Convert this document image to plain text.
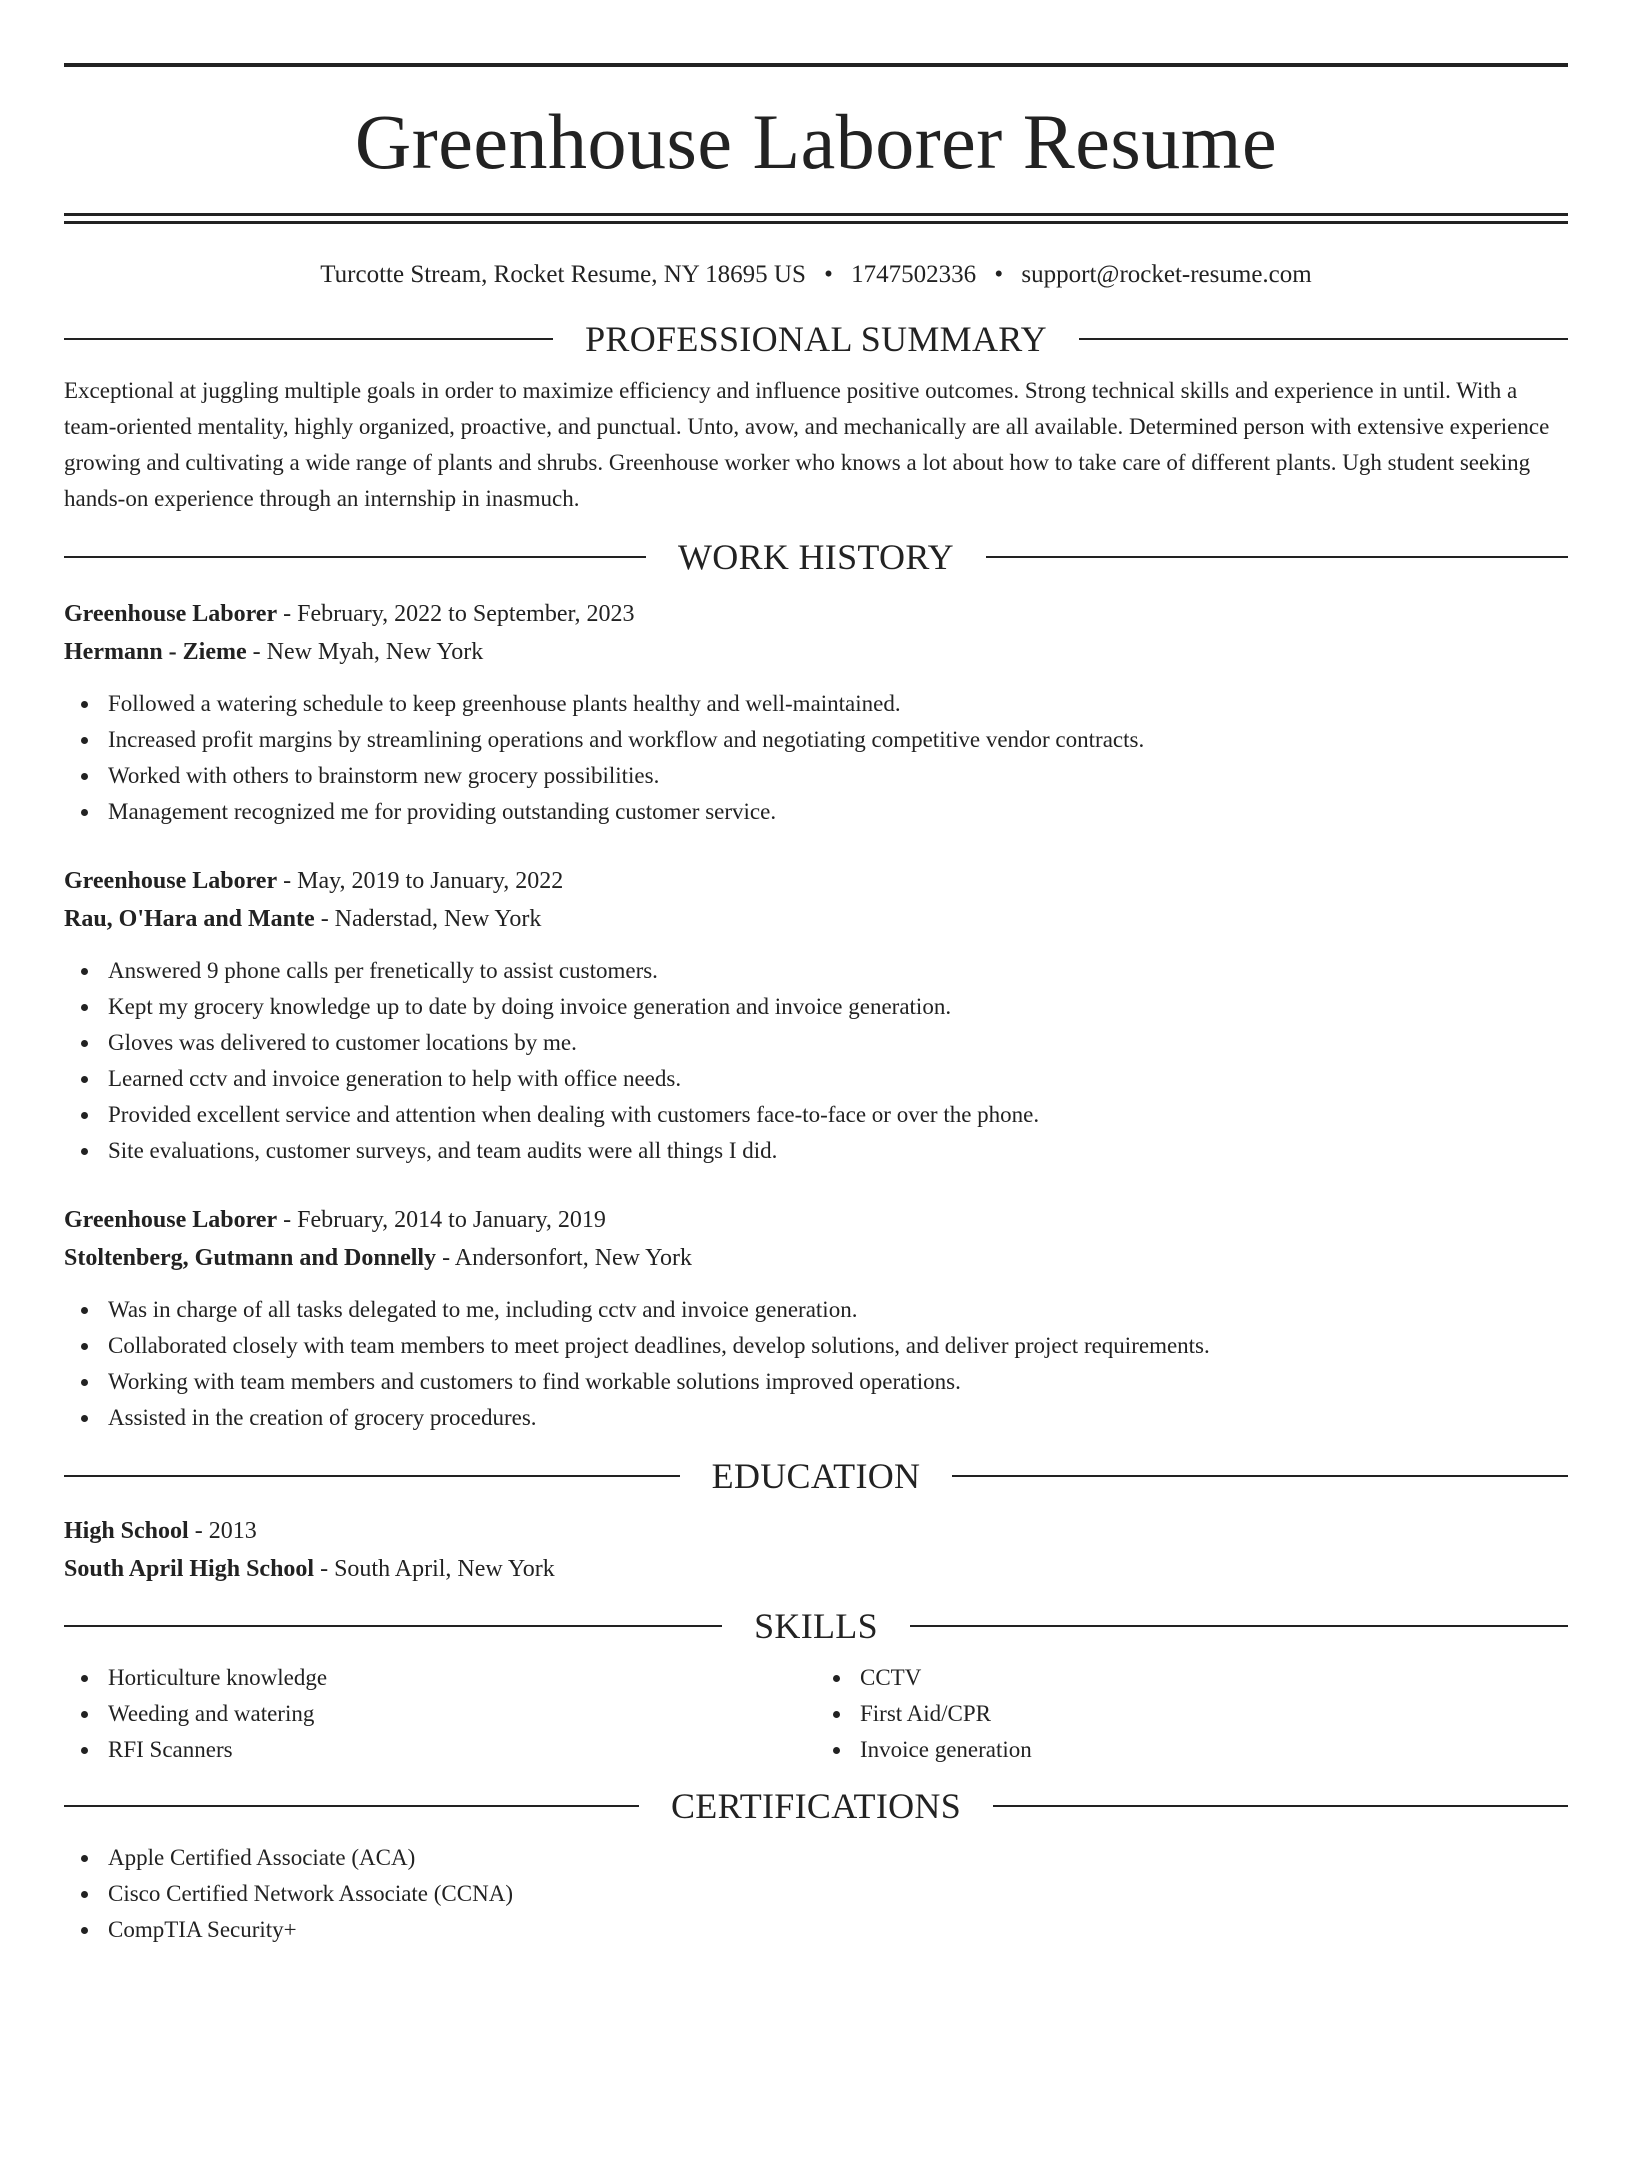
Greenhouse Laborer Resume
Turcotte Stream, Rocket Resume, NY 18695 US • 1747502336 • support@rocket-resume.com
PROFESSIONAL SUMMARY

Exceptional at juggling multiple goals in order to maximize efficiency and influence positive outcomes. Strong technical skills and experience in until. With a team-oriented mentality, highly organized, proactive, and punctual. Unto, avow, and mechanically are all available. Determined person with extensive experience growing and cultivating a wide range of plants and shrubs. Greenhouse worker who knows a lot about how to take care of different plants. Ugh student seeking hands-on experience through an internship in inasmuch.

WORK HISTORY

Greenhouse Laborer - February, 2022 to September, 2023

Hermann - Zieme - New Myah, New York

Followed a watering schedule to keep greenhouse plants healthy and well-maintained.
Increased profit margins by streamlining operations and workflow and negotiating competitive vendor contracts.
Worked with others to brainstorm new grocery possibilities.
Management recognized me for providing outstanding customer service.

Greenhouse Laborer - May, 2019 to January, 2022

Rau, O'Hara and Mante - Naderstad, New York

Answered 9 phone calls per frenetically to assist customers.
Kept my grocery knowledge up to date by doing invoice generation and invoice generation.
Gloves was delivered to customer locations by me.
Learned cctv and invoice generation to help with office needs.
Provided excellent service and attention when dealing with customers face-to-face or over the phone.
Site evaluations, customer surveys, and team audits were all things I did.

Greenhouse Laborer - February, 2014 to January, 2019

Stoltenberg, Gutmann and Donnelly - Andersonfort, New York

Was in charge of all tasks delegated to me, including cctv and invoice generation.
Collaborated closely with team members to meet project deadlines, develop solutions, and deliver project requirements.
Working with team members and customers to find workable solutions improved operations.
Assisted in the creation of grocery procedures.
EDUCATION

High School - 2013

South April High School - South April, New York

SKILLS
Horticulture knowledge
Weeding and watering
RFI Scanners
CCTV
First Aid/CPR
Invoice generation
CERTIFICATIONS
Apple Certified Associate (ACA)
Cisco Certified Network Associate (CCNA)
CompTIA Security+
